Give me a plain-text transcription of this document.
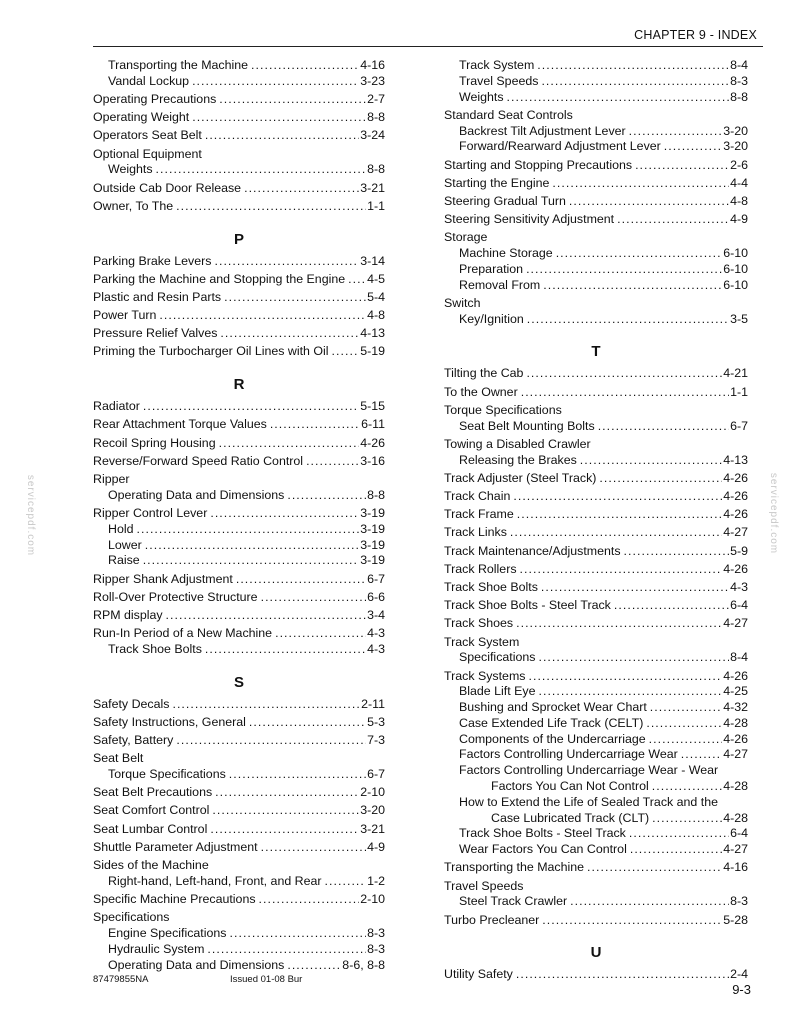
CHAPTER 9 - INDEX
servicepdf.com	servicepdf.com
Transporting the Machine . . .	4-16
Vandal Lockup . . .	3-23
Operating Precautions . . .	2-7
Operating Weight . . .	8-8
Operators Seat Belt . . .	3-24
Optional Equipment
Weights . . .	8-8
Outside Cab Door Release . . .	3-21
Owner, To The . . .	1-1
P
Parking Brake Levers . . .	3-14
Parking the Machine and Stopping the Engine . . . 4-5
Plastic and Resin Parts . . .	5-4
Power Turn . . .	4-8
Pressure Relief Valves . . .	4-13
Priming the Turbocharger Oil Lines with Oil . . .	5-19
R
Radiator . . .	5-15
Rear Attachment Torque Values . . .	6-11
Recoil Spring Housing . . .	4-26
Reverse/Forward Speed Ratio Control . . .	3-16
Ripper
Operating Data and Dimensions . . .	8-8
Ripper Control Lever . . .	3-19
Hold . . .	3-19
Lower . . .	3-19
Raise . . .	3-19
Ripper Shank Adjustment . . .	6-7
Roll-Over Protective Structure . . .	6-6
RPM display . . .	3-4
Run-In Period of a New Machine . . .	4-3
Track Shoe Bolts . . .	4-3
S
Safety Decals . . .	2-11
Safety Instructions, General . . .	5-3
Safety, Battery . . .	7-3
Seat Belt
Torque Specifications . . .	6-7
Seat Belt Precautions . . .	2-10
Seat Comfort Control . . .	3-20
Seat Lumbar Control . . .	3-21
Shuttle Parameter Adjustment . . .	4-9
Sides of the Machine
Right-hand, Left-hand, Front, and Rear . . .	1-2
Specific Machine Precautions . . .	2-10
Specifications
Engine Specifications . . .	8-3
Hydraulic System . . .	8-3
Operating Data and Dimensions . . .	8-6, 8-8
Track System . . .	8-4
Travel Speeds . . .	8-3
Weights . . .	8-8
Standard Seat Controls
Backrest Tilt Adjustment Lever . . .	3-20
Forward/Rearward Adjustment Lever . . .	3-20
Starting and Stopping Precautions . . .	2-6
Starting the Engine . . .	4-4
Steering Gradual Turn . . .	4-8
Steering Sensitivity Adjustment . . .	4-9
Storage
Machine Storage . . .	6-10
Preparation . . .	6-10
Removal From . . .	6-10
Switch
Key/Ignition . . .	3-5
T
Tilting the Cab . . .	4-21
To the Owner . . .	1-1
Torque Specifications
Seat Belt Mounting Bolts . . .	6-7
Towing a Disabled Crawler
Releasing the Brakes . . .	4-13
Track Adjuster (Steel Track) . . .	4-26
Track Chain . . .	4-26
Track Frame . . .	4-26
Track Links . . .	4-27
Track Maintenance/Adjustments . . .	5-9
Track Rollers . . .	4-26
Track Shoe Bolts . . .	4-3
Track Shoe Bolts - Steel Track . . .	6-4
Track Shoes . . .	4-27
Track System
Specifications . . .	8-4
Track Systems . . .	4-26
Blade Lift Eye . . .	4-25
Bushing and Sprocket Wear Chart . . .	4-32
Case Extended Life Track (CELT) . . .	4-28
Components of the Undercarriage . . .	4-26
Factors Controlling Undercarriage Wear . . .	4-27
Factors Controlling Undercarriage Wear - Wear
Factors You Can Not Control . . .	4-28
How to Extend the Life of Sealed Track and the
Case Lubricated Track (CLT) . . .	4-28
Track Shoe Bolts - Steel Track . . .	6-4
Wear Factors You Can Control . . .	4-27
Transporting the Machine . . .	4-16
Travel Speeds
Steel Track Crawler . . .	8-3
Turbo Precleaner . . .	5-28
U
Utility Safety . . .	2-4
87479855NA	Issued 01-08 Bur
9-3
